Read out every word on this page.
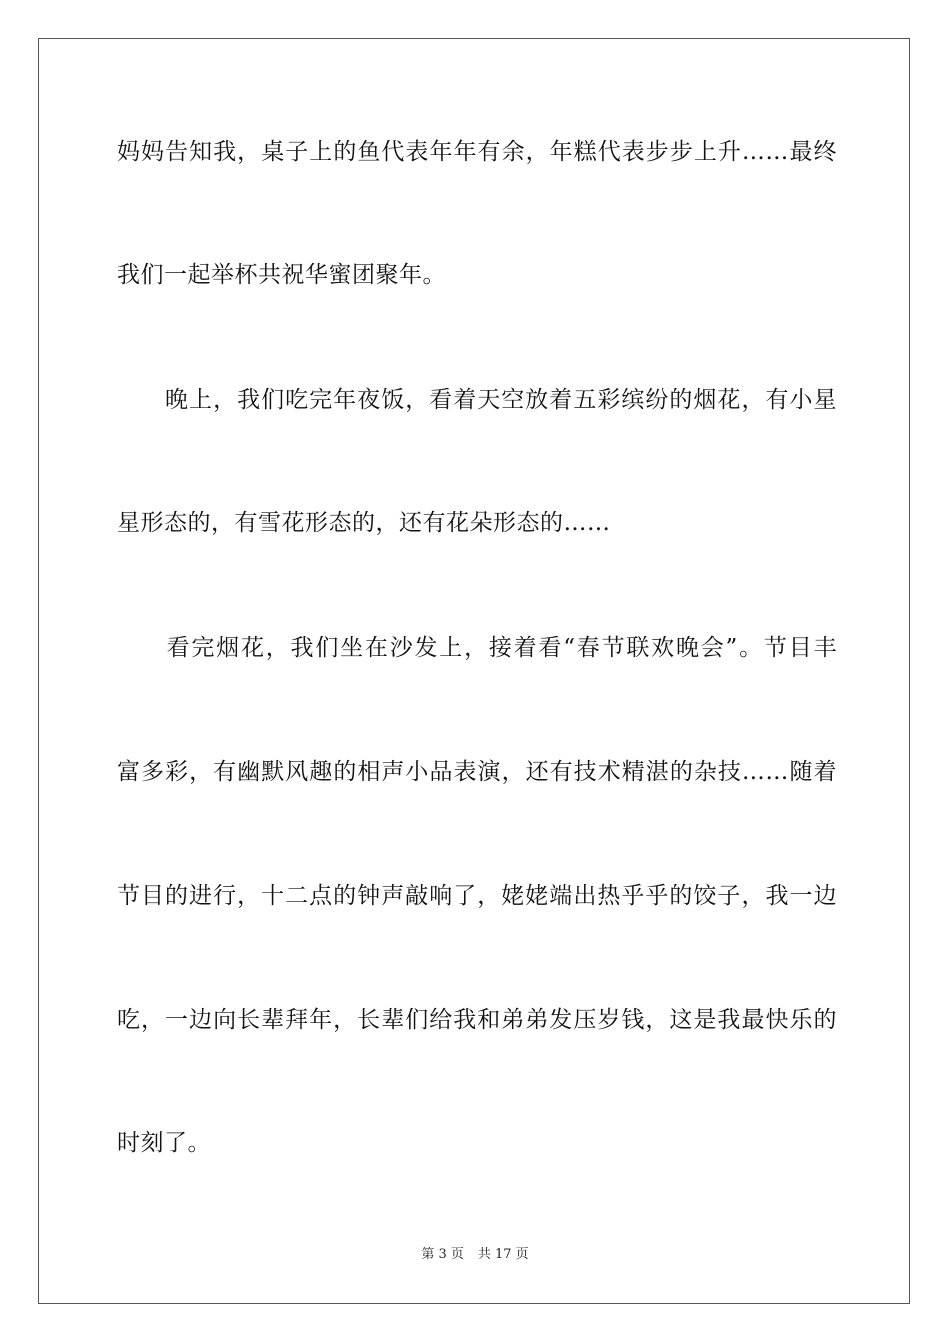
妈妈告知我，桌子上的鱼代表年年有余，年糕代表步步上升……最终
我们一起举杯共祝华蜜团聚年。
　　晚上，我们吃完年夜饭，看着天空放着五彩缤纷的烟花，有小星
星形态的，有雪花形态的，还有花朵形态的……
　　看完烟花，我们坐在沙发上，接着看“春节联欢晚会”。节目丰
富多彩，有幽默风趣的相声小品表演，还有技术精湛的杂技……随着
节目的进行，十二点的钟声敲响了，姥姥端出热乎乎的饺子，我一边
吃，一边向长辈拜年，长辈们给我和弟弟发压岁钱，这是我最快乐的
时刻了。
第 3 页 共 17 页
